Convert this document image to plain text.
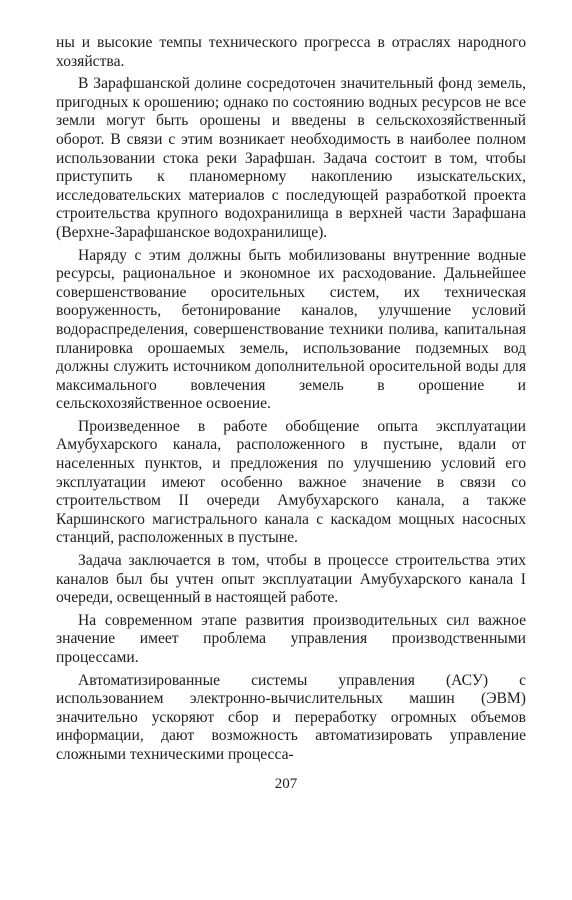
ны и высокие темпы технического прогресса в отраслях народного хозяйства.

В Зарафшанской долине сосредоточен значительный фонд земель, пригодных к орошению; однако по состоянию водных ресурсов не все земли могут быть орошены и введены в сельскохозяйственный оборот. В связи с этим возникает необходимость в наиболее полном использовании стока реки Зарафшан. Задача состоит в том, чтобы приступить к планомерному накоплению изыскательских, исследовательских материалов с последующей разработкой проекта строительства крупного водохранилища в верхней части Зарафшана (Верхне-Зарафшанское водохранилище).

Наряду с этим должны быть мобилизованы внутренние водные ресурсы, рациональное и экономное их расходование. Дальнейшее совершенствование оросительных систем, их техническая вооруженность, бетонирование каналов, улучшение условий водораспределения, совершенствование техники полива, капитальная планировка орошаемых земель, использование подземных вод должны служить источником дополнительной оросительной воды для максимального вовлечения земель в орошение и сельскохозяйственное освоение.

Произведенное в работе обобщение опыта эксплуатации Амубухарского канала, расположенного в пустыне, вдали от населенных пунктов, и предложения по улучшению условий его эксплуатации имеют особенно важное значение в связи со строительством II очереди Амубухарского канала, а также Каршинского магистрального канала с каскадом мощных насосных станций, расположенных в пустыне.

Задача заключается в том, чтобы в процессе строительства этих каналов был бы учтен опыт эксплуатации Амубухарского канала I очереди, освещенный в настоящей работе.

На современном этапе развития производительных сил важное значение имеет проблема управления производственными процессами.

Автоматизированные системы управления (АСУ) с использованием электронно-вычислительных машин (ЭВМ) значительно ускоряют сбор и переработку огромных объемов информации, дают возможность автоматизировать управление сложными техническими процесса-

207
